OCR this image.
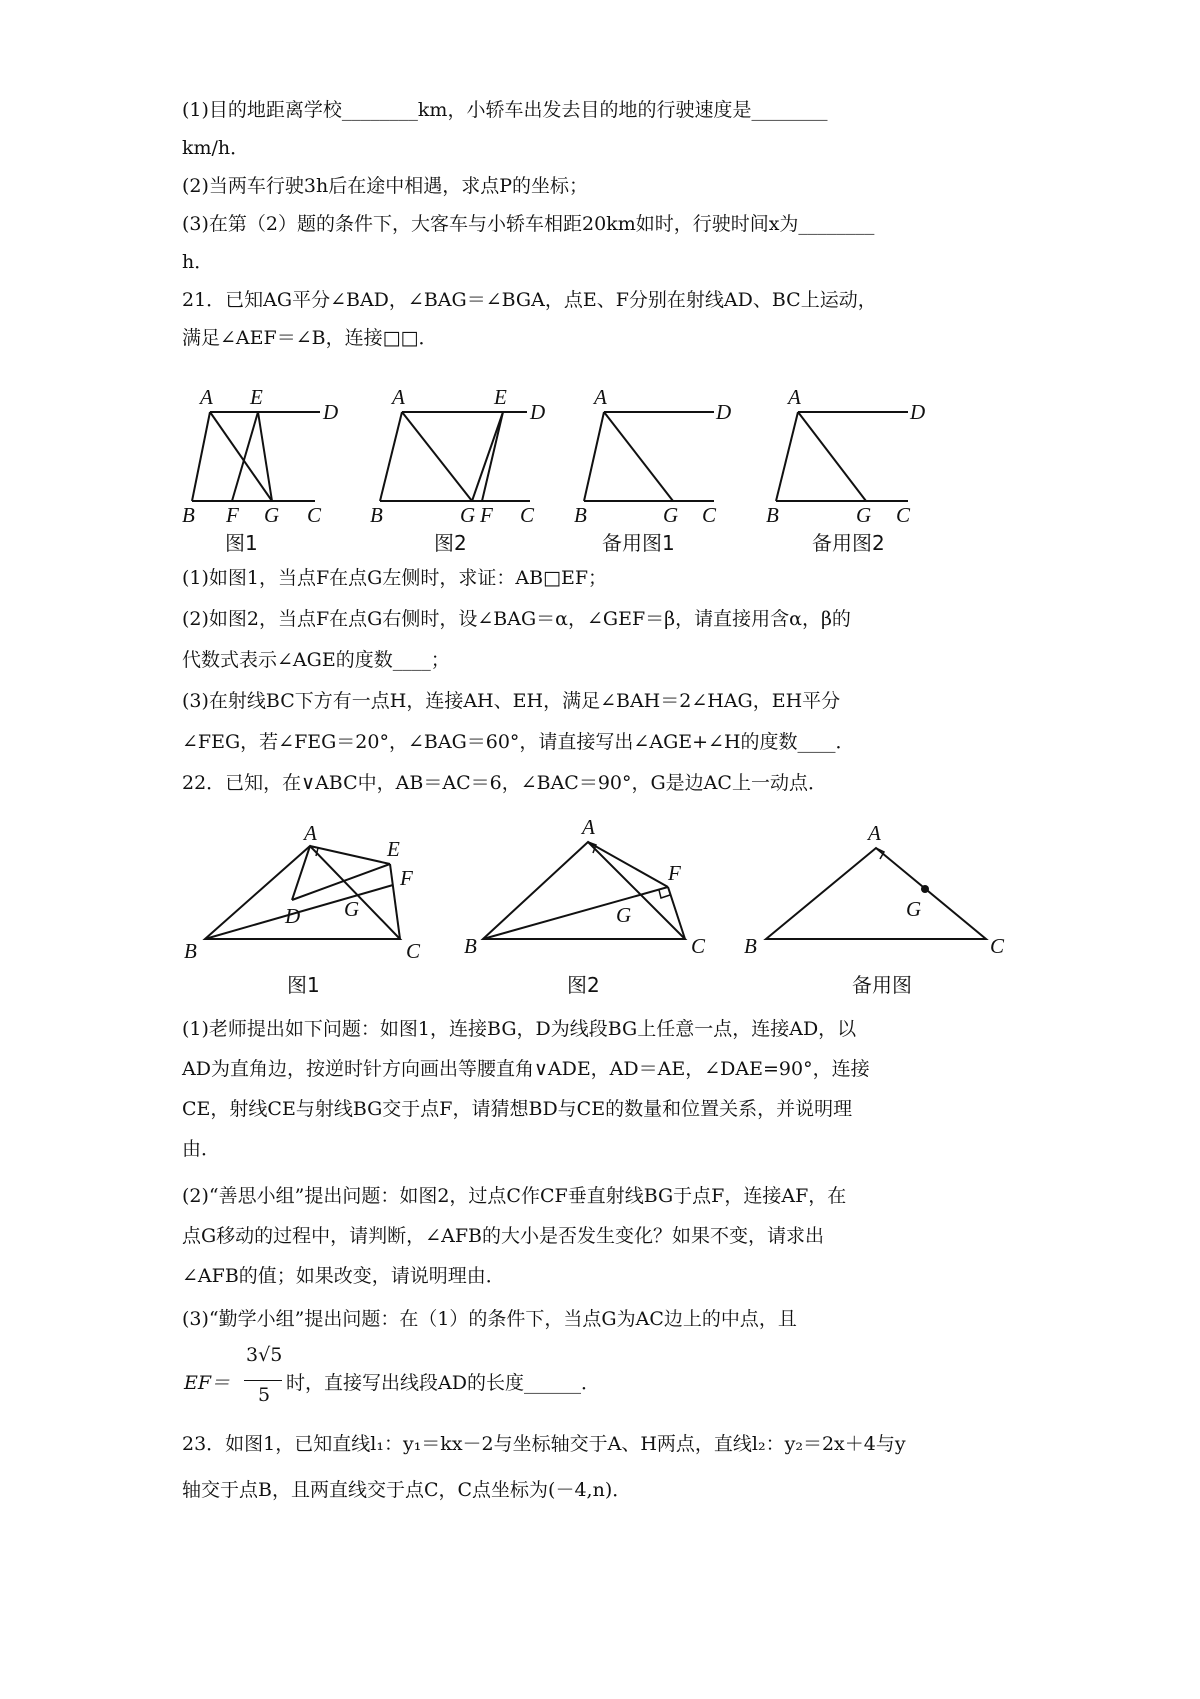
(1)目的地距离学校________km，小轿车出发去目的地的行驶速度是________
km/h．
(2)当两车行驶3h后在途中相遇，求点P的坐标；
(3)在第（2）题的条件下，大客车与小轿车相距20km如时，行驶时间x为________
h．
21．已知AG平分∠BAD，∠BAG＝∠BGA，点E、F分别在射线AD、BC上运动，
满足∠AEF＝∠B，连接□□．
A E
D
B F G C
图1
A	E
D
B	G F C
图2
A
D
B	G C
备用图1
A
D
B	G C
备用图2
(1)如图1，当点F在点G左侧时，求证：AB□EF；
(2)如图2，当点F在点G右侧时，设∠BAG＝α，∠GEF＝β，请直接用含α，β的
代数式表示∠AGE的度数____；
(3)在射线BC下方有一点H，连接AH、EH，满足∠BAH＝2∠HAG，EH平分
∠FEG，若∠FEG＝20°，∠BAG＝60°，请直接写出∠AGE+∠H的度数____．
22．已知，在∨ABC中，AB＝AC＝6，∠BAC＝90°，G是边AC上一动点．
A
E
F
G
D
B	C
图1
A
F
G
B	C
图2
A
G
B	C
备用图
(1)老师提出如下问题：如图1，连接BG，D为线段BG上任意一点，连接AD，以
AD为直角边，按逆时针方向画出等腰直角∨ADE，AD＝AE，∠DAE=90°，连接
CE，射线CE与射线BG交于点F，请猜想BD与CE的数量和位置关系，并说明理
由．
(2)“善思小组”提出问题：如图2，过点C作CF垂直射线BG于点F，连接AF，在
点G移动的过程中，请判断，∠AFB的大小是否发生变化？如果不变，请求出
∠AFB的值；如果改变，请说明理由．
(3)“勤学小组”提出问题：在（1）的条件下，当点G为AC边上的中点，且
EF＝
3√5
5
时，直接写出线段AD的长度______．
23．如图1，已知直线l₁：y₁＝kx－2与坐标轴交于A、H两点，直线l₂：y₂＝2x＋4与y
轴交于点B，且两直线交于点C，C点坐标为(－4,n)．
